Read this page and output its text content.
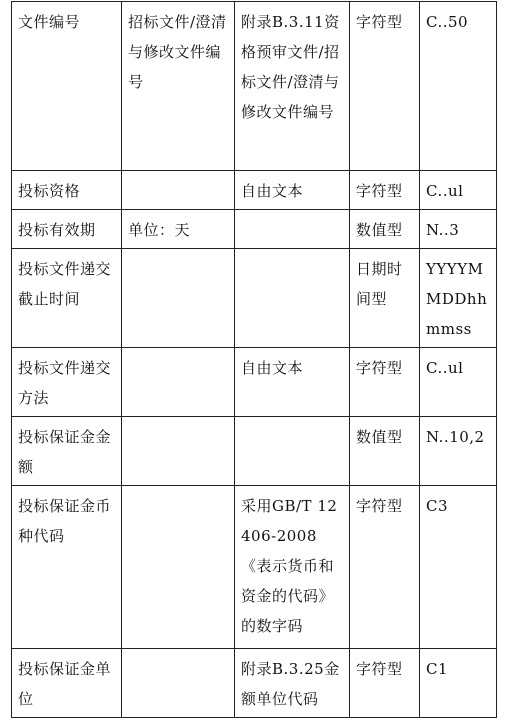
文件编号	招标文件/澄清与修改文件编号	附录B.3.11资格预审文件/招标文件/澄清与修改文件编号	字符型	C..50
投标资格		自由文本	字符型	C..ul
投标有效期	单位：天		数值型	N..3
投标文件递交截止时间			日期时间型	YYYYMMDDhhmmss
投标文件递交方法		自由文本	字符型	C..ul
投标保证金金额			数值型	N..10,2
投标保证金币种代码		采用GB/T 12406-2008《表示货币和资金的代码》的数字码	字符型	C3
投标保证金单位		附录B.3.25金额单位代码	字符型	C1
